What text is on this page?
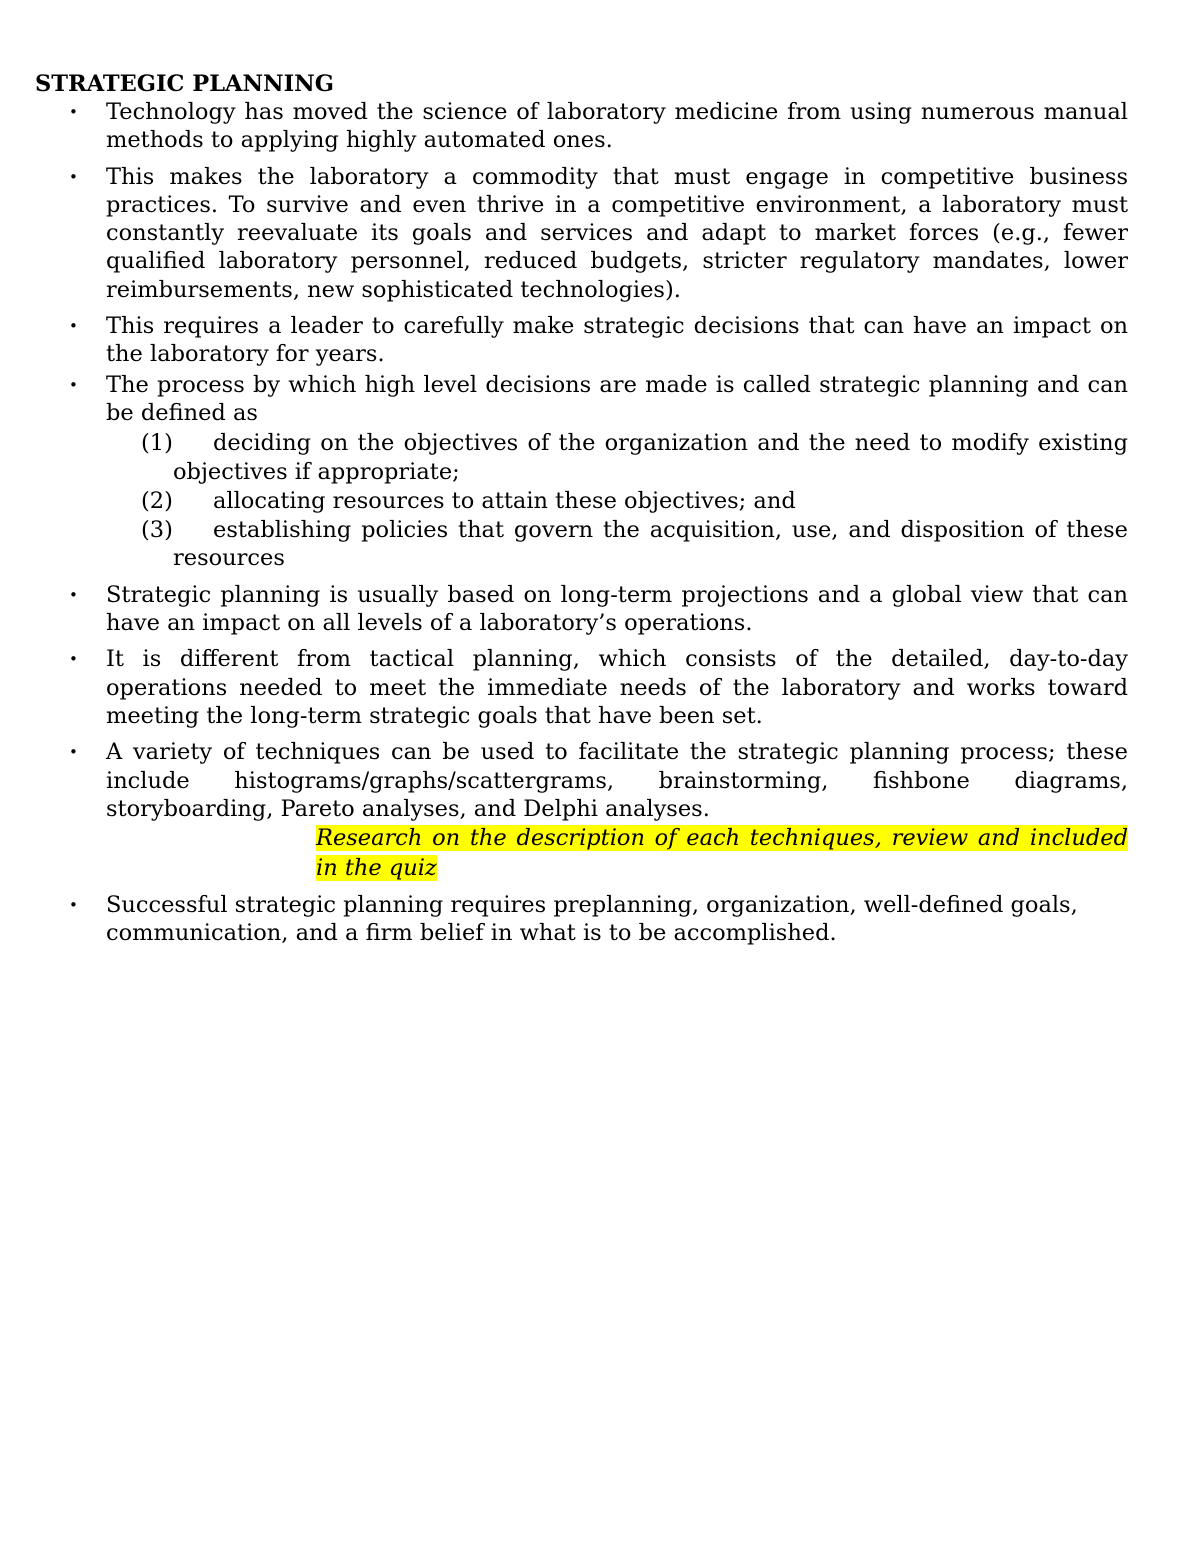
STRATEGIC PLANNING
• Technology has moved the science of laboratory medicine from using numerous manual methods to applying highly automated ones.
• This makes the laboratory a commodity that must engage in competitive business practices. To survive and even thrive in a competitive environment, a laboratory must constantly reevaluate its goals and services and adapt to market forces (e.g., fewer qualified laboratory personnel, reduced budgets, stricter regulatory mandates, lower reimbursements, new sophisticated technologies).
• This requires a leader to carefully make strategic decisions that can have an impact on the laboratory for years.
• The process by which high level decisions are made is called strategic planning and can be defined as
(1)	deciding on the objectives of the organization and the need to modify existing objectives if appropriate;
(2)	allocating resources to attain these objectives; and
(3)	establishing policies that govern the acquisition, use, and disposition of these resources
• Strategic planning is usually based on long-term projections and a global view that can have an impact on all levels of a laboratory’s operations.
• It is different from tactical planning, which consists of the detailed, day-to-day operations needed to meet the immediate needs of the laboratory and works toward meeting the long-term strategic goals that have been set.
• A variety of techniques can be used to facilitate the strategic planning process; these include histograms/graphs/scattergrams, brainstorming, fishbone diagrams, storyboarding, Pareto analyses, and Delphi analyses.
Research on the description of each techniques, review and included in the quiz
• Successful strategic planning requires preplanning, organization, well-defined goals, communication, and a firm belief in what is to be accomplished.
